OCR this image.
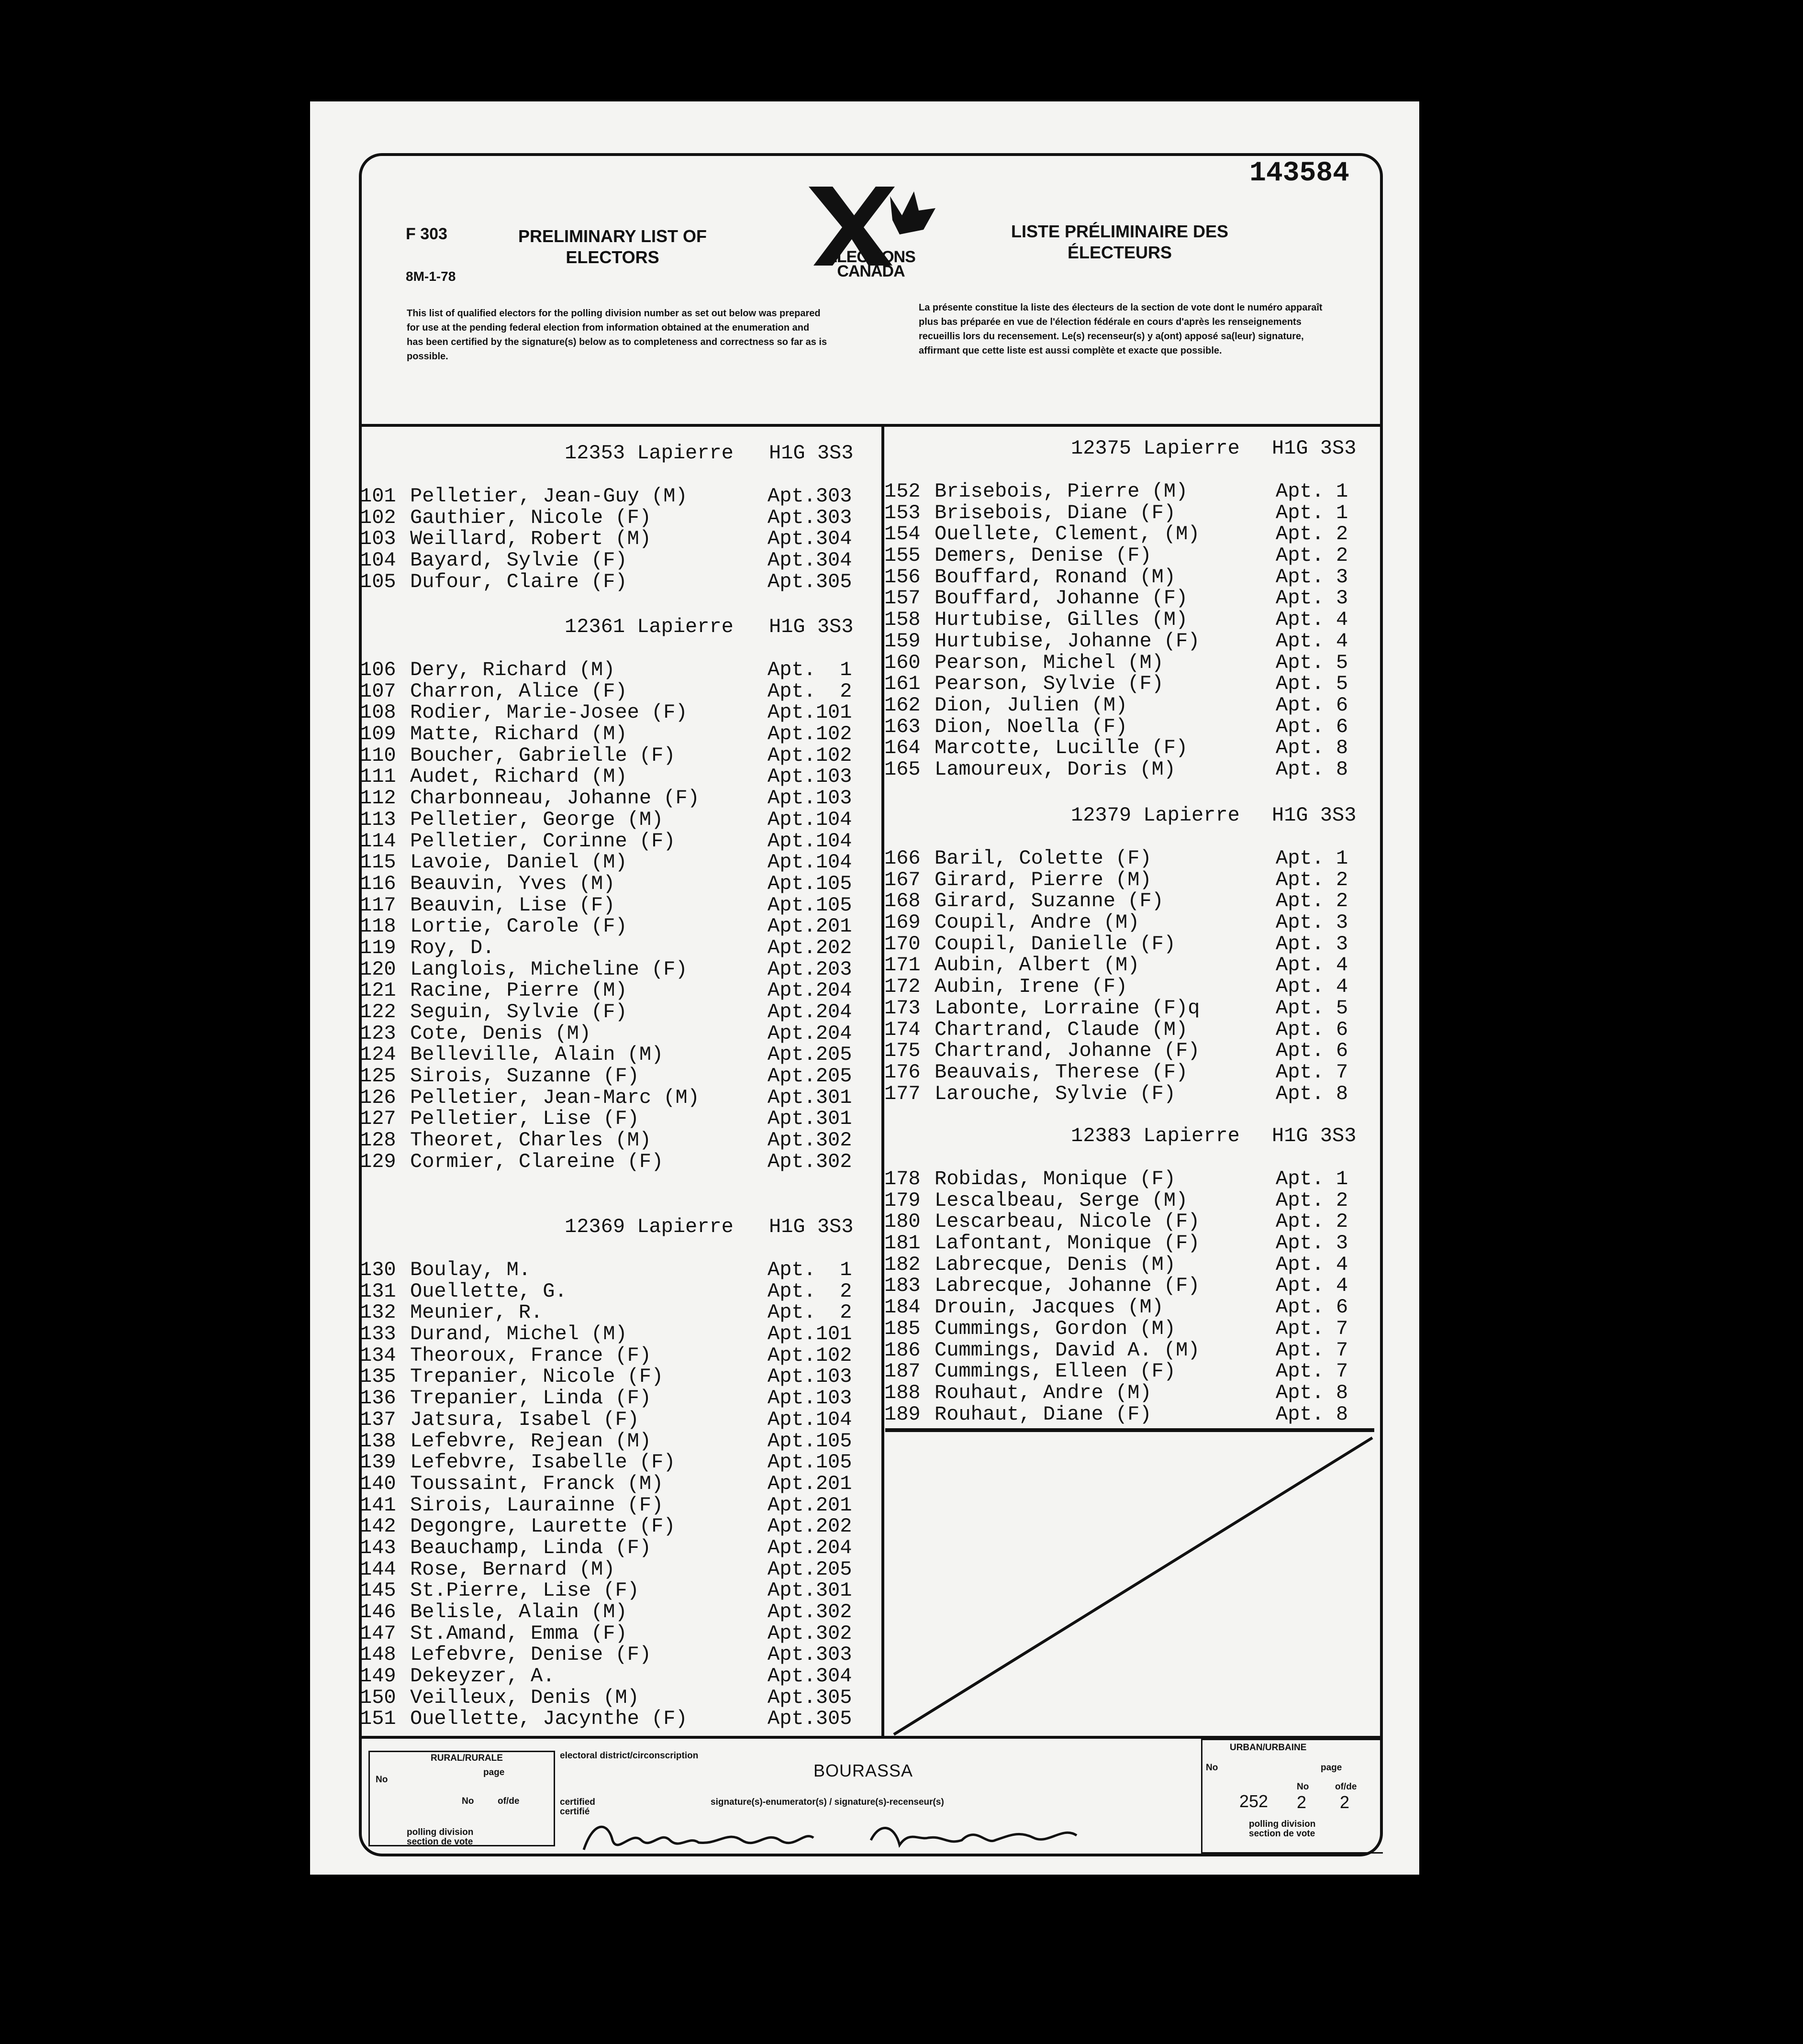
143584
F 303
8M-1-78
PRELIMINARY LIST OF ELECTORS
LISTE PRÉLIMINAIRE DES ÉLECTEURS
ELECTIONS CANADA
This list of qualified electors for the polling division number as set out below was prepared for use at the pending federal election from information obtained at the enumeration and has been certified by the signature(s) below as to completeness and correctness so far as is possible.
La présente constitue la liste des électeurs de la section de vote dont le numéro apparaît plus bas préparée en vue de l'élection fédérale en cours d'après les renseignements recueillis lors du recensement. Le(s) recenseur(s) y a(ont) apposé sa(leur) signature, affirmant que cette liste est aussi complète et exacte que possible.
12353 Lapierre H1G 3S3
101 Pelletier, Jean-Guy (M)	Apt.303
102 Gauthier, Nicole (F)	Apt.303
103 Weillard, Robert (M)	Apt.304
104 Bayard, Sylvie (F)	Apt.304
105 Dufour, Claire (F)	Apt.305
12361 Lapierre H1G 3S3
106 Dery, Richard (M)	Apt.  1
107 Charron, Alice (F)	Apt.  2
108 Rodier, Marie-Josee (F)	Apt.101
109 Matte, Richard (M)	Apt.102
110 Boucher, Gabrielle (F)	Apt.102
111 Audet, Richard (M)	Apt.103
112 Charbonneau, Johanne (F)	Apt.103
113 Pelletier, George (M)	Apt.104
114 Pelletier, Corinne (F)	Apt.104
115 Lavoie, Daniel (M)	Apt.104
116 Beauvin, Yves (M)	Apt.105
117 Beauvin, Lise (F)	Apt.105
118 Lortie, Carole (F)	Apt.201
119 Roy, D.	Apt.202
120 Langlois, Micheline (F)	Apt.203
121 Racine, Pierre (M)	Apt.204
122 Seguin, Sylvie (F)	Apt.204
123 Cote, Denis (M)	Apt.204
124 Belleville, Alain (M)	Apt.205
125 Sirois, Suzanne (F)	Apt.205
126 Pelletier, Jean-Marc (M)	Apt.301
127 Pelletier, Lise (F)	Apt.301
128 Theoret, Charles (M)	Apt.302
129 Cormier, Clareine (F)	Apt.302
12369 Lapierre H1G 3S3
130 Boulay, M.	Apt.  1
131 Ouellette, G.	Apt.  2
132 Meunier, R.	Apt.  2
133 Durand, Michel (M)	Apt.101
134 Theoroux, France (F)	Apt.102
135 Trepanier, Nicole (F)	Apt.103
136 Trepanier, Linda (F)	Apt.103
137 Jatsura, Isabel (F)	Apt.104
138 Lefebvre, Rejean (M)	Apt.105
139 Lefebvre, Isabelle (F)	Apt.105
140 Toussaint, Franck (M)	Apt.201
141 Sirois, Laurainne (F)	Apt.201
142 Degongre, Laurette (F)	Apt.202
143 Beauchamp, Linda (F)	Apt.204
144 Rose, Bernard (M)	Apt.205
145 St.Pierre, Lise (F)	Apt.301
146 Belisle, Alain (M)	Apt.302
147 St.Amand, Emma (F)	Apt.302
148 Lefebvre, Denise (F)	Apt.303
149 Dekeyzer, A.	Apt.304
150 Veilleux, Denis (M)	Apt.305
151 Ouellette, Jacynthe (F)	Apt.305
12375 Lapierre H1G 3S3
152 Brisebois, Pierre (M)	Apt. 1
153 Brisebois, Diane (F)	Apt. 1
154 Ouellete, Clement, (M)	Apt. 2
155 Demers, Denise (F)	Apt. 2
156 Bouffard, Ronand (M)	Apt. 3
157 Bouffard, Johanne (F)	Apt. 3
158 Hurtubise, Gilles (M)	Apt. 4
159 Hurtubise, Johanne (F)	Apt. 4
160 Pearson, Michel (M)	Apt. 5
161 Pearson, Sylvie (F)	Apt. 5
162 Dion, Julien (M)	Apt. 6
163 Dion, Noella (F)	Apt. 6
164 Marcotte, Lucille (F)	Apt. 8
165 Lamoureux, Doris (M)	Apt. 8
12379 Lapierre H1G 3S3
166 Baril, Colette (F)	Apt. 1
167 Girard, Pierre (M)	Apt. 2
168 Girard, Suzanne (F)	Apt. 2
169 Coupil, Andre (M)	Apt. 3
170 Coupil, Danielle (F)	Apt. 3
171 Aubin, Albert (M)	Apt. 4
172 Aubin, Irene (F)	Apt. 4
173 Labonte, Lorraine (F)q	Apt. 5
174 Chartrand, Claude (M)	Apt. 6
175 Chartrand, Johanne (F)	Apt. 6
176 Beauvais, Therese (F)	Apt. 7
177 Larouche, Sylvie (F)	Apt. 8
12383 Lapierre H1G 3S3
178 Robidas, Monique (F)	Apt. 1
179 Lescalbeau, Serge (M)	Apt. 2
180 Lescarbeau, Nicole (F)	Apt. 2
181 Lafontant, Monique (F)	Apt. 3
182 Labrecque, Denis (M)	Apt. 4
183 Labrecque, Johanne (F)	Apt. 4
184 Drouin, Jacques (M)	Apt. 6
185 Cummings, Gordon (M)	Apt. 7
186 Cummings, David A. (M)	Apt. 7
187 Cummings, Elleen (F)	Apt. 7
188 Rouhaut, Andre (M)	Apt. 8
189 Rouhaut, Diane (F)	Apt. 8
RURAL/RURALE
No
page
No	of/de
polling division
section de vote
electoral district/circonscription
certified
certifié
signature(s)-enumerator(s) / signature(s)-recenseur(s)
URBAN/URBAINE
No	page
252
No
2
of/de
2
polling division
section de vote
BOURASSA
